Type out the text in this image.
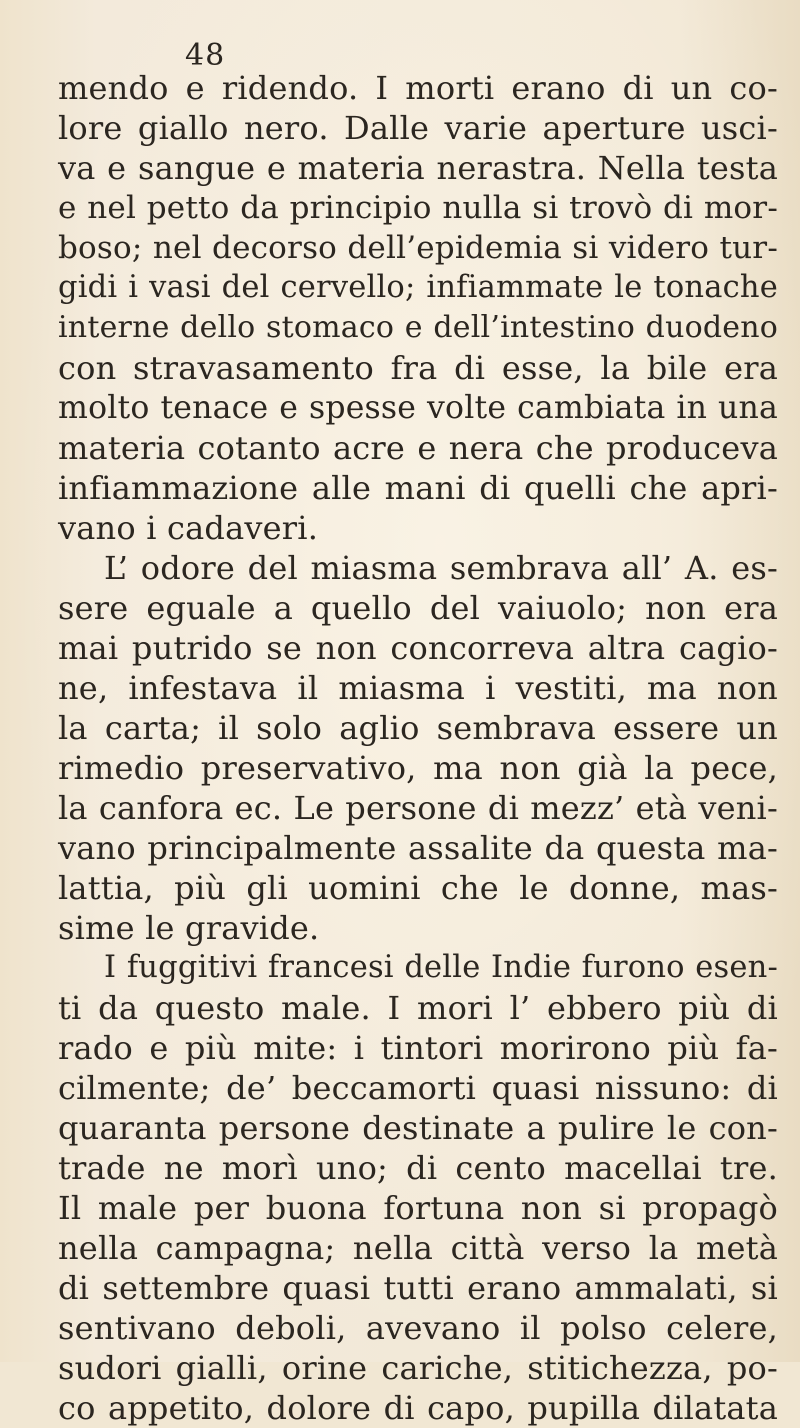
48
mendo e ridendo. I morti erano di un co-
lore giallo nero. Dalle varie aperture usci-
va e sangue e materia nerastra. Nella testa
e nel petto da principio nulla si trovò di mor-
boso; nel decorso dell’epidemia si videro tur-
gidi i vasi del cervello; infiammate le tonache
interne dello stomaco e dell’intestino duodeno
con stravasamento fra di esse, la bile era
molto tenace e spesse volte cambiata in una
materia cotanto acre e nera che produceva
infiammazione alle mani di quelli che apri-
vano i cadaveri.
L’ odore del miasma sembrava all’ A. es-
sere eguale a quello del vaiuolo; non era
mai putrido se non concorreva altra cagio-
ne, infestava il miasma i vestiti, ma non
la carta; il solo aglio sembrava essere un
rimedio preservativo, ma non già la pece,
la canfora ec. Le persone di mezz’ età veni-
vano principalmente assalite da questa ma-
lattia, più gli uomini che le donne, mas-
sime le gravide.
I fuggitivi francesi delle Indie furono esen-
ti da questo male. I mori l’ ebbero più di
rado e più mite: i tintori morirono più fa-
cilmente; de’ beccamorti quasi nissuno: di
quaranta persone destinate a pulire le con-
trade ne morì uno; di cento macellai tre.
Il male per buona fortuna non si propagò
nella campagna; nella città verso la metà
di settembre quasi tutti erano ammalati, si
sentivano deboli, avevano il polso celere,
sudori gialli, orine cariche, stitichezza, po-
co appetito, dolore di capo, pupilla dilatata
